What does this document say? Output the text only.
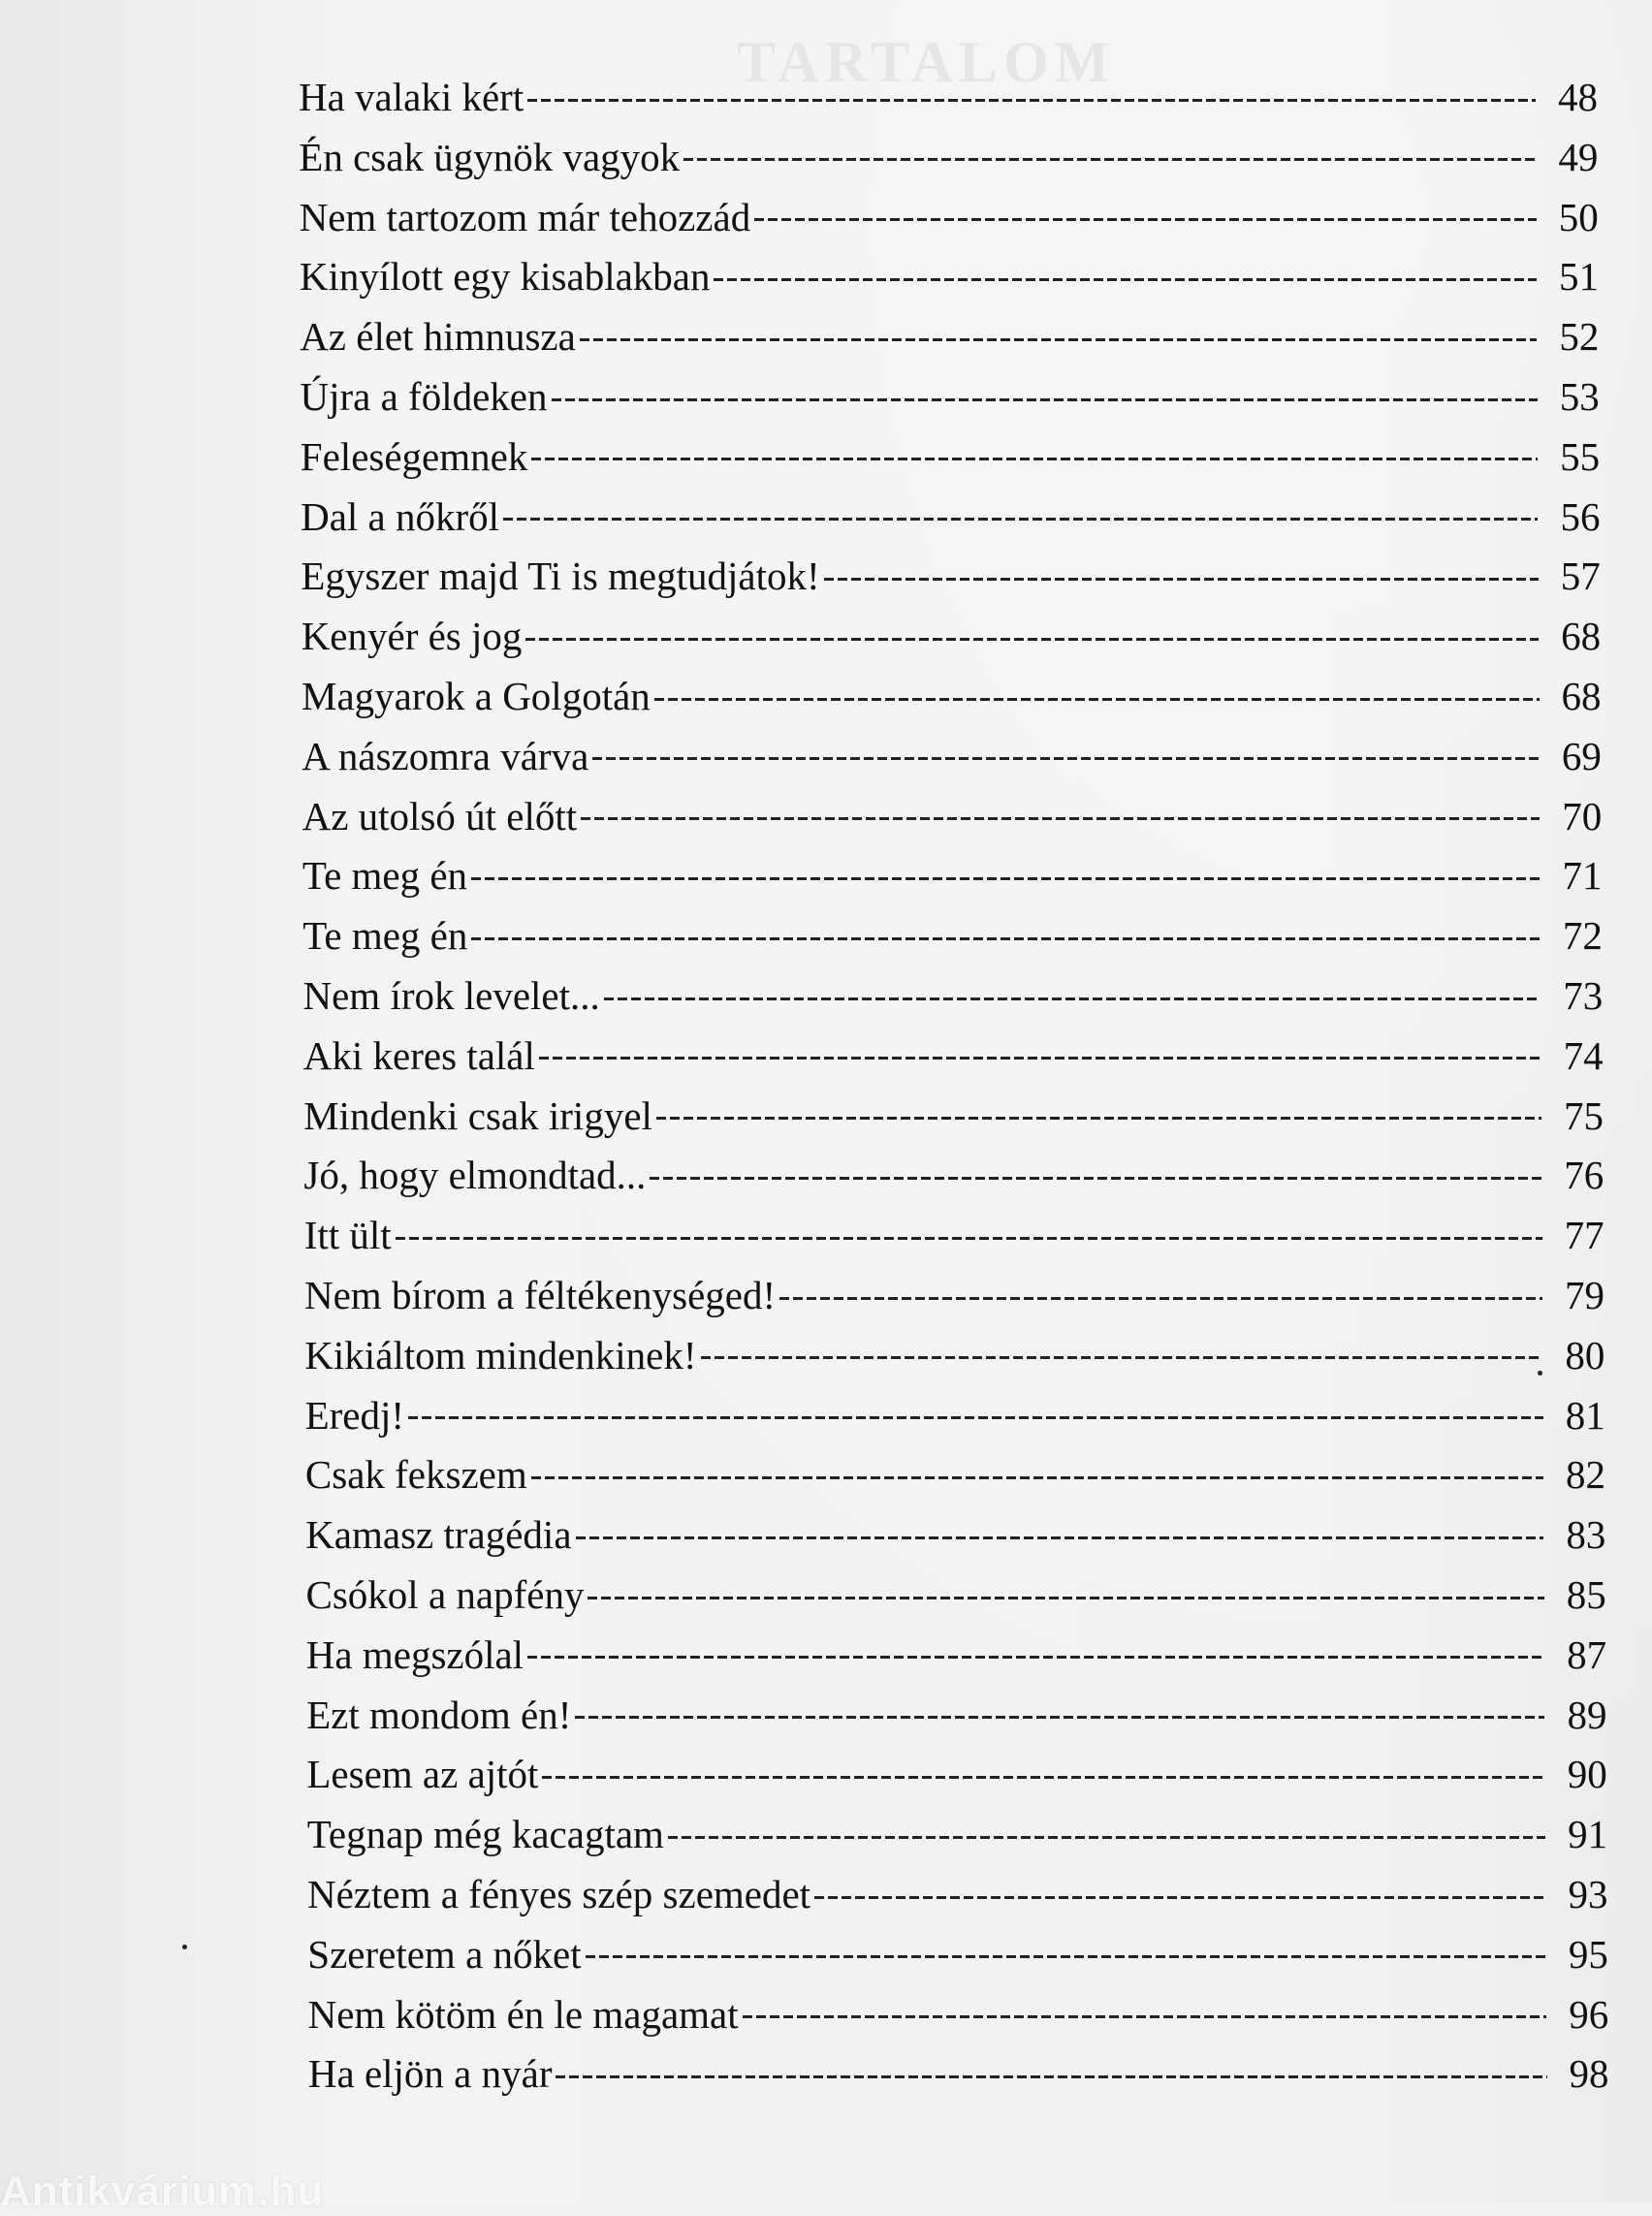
TARTALOM
Ha valaki kért	48
Én csak ügynök vagyok	49
Nem tartozom már tehozzád	50
Kinyílott egy kisablakban	51
Az élet himnusza	52
Újra a földeken	53
Feleségemnek	55
Dal a nőkről	56
Egyszer majd Ti is megtudjátok!	57
Kenyér és jog	68
Magyarok a Golgotán	68
A nászomra várva	69
Az utolsó út előtt	70
Te meg én	71
Te meg én	72
Nem írok levelet...	73
Aki keres talál	74
Mindenki csak irigyel	75
Jó, hogy elmondtad...	76
Itt ült	77
Nem bírom a féltékenységed!	79
Kikiáltom mindenkinek!	80
Eredj!	81
Csak fekszem	82
Kamasz tragédia	83
Csókol a napfény	85
Ha megszólal	87
Ezt mondom én!	89
Lesem az ajtót	90
Tegnap még kacagtam	91
Néztem a fényes szép szemedet	93
Szeretem a nőket	95
Nem kötöm én le magamat	96
Ha eljön a nyár	98
Antikvárium.hu
